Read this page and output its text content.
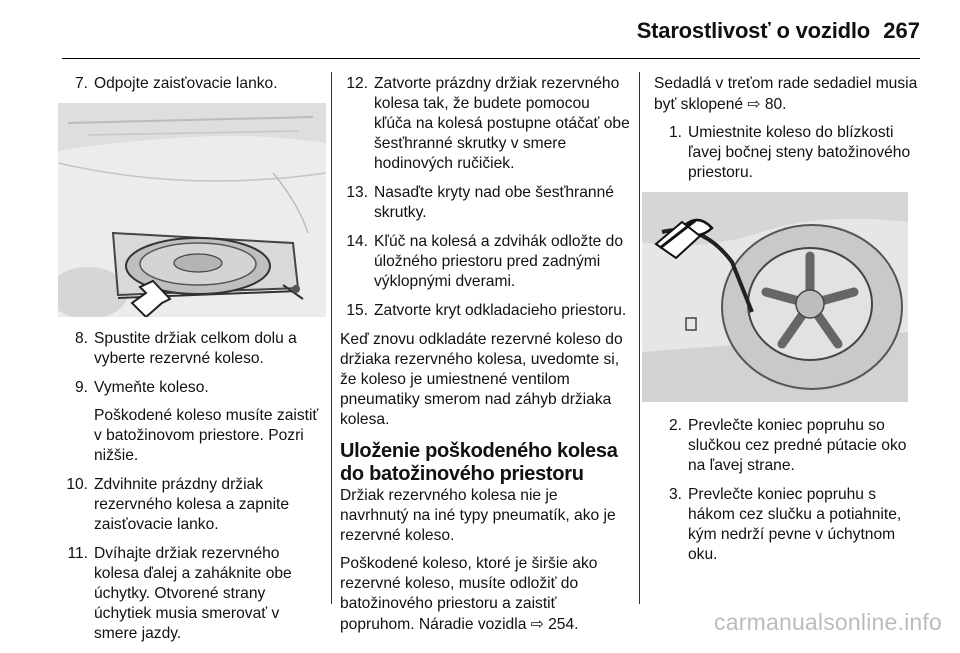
Starostlivosť o vozidlo 267
7. Odpojte zaisťovacie lanko.
8. Spustite držiak celkom dolu a vyberte rezervné koleso.
9. Vymeňte koleso.
Poškodené koleso musíte zaistiť v batožinovom priestore. Pozri nižšie.
10. Zdvihnite prázdny držiak rezervného kolesa a zapnite zaisťovacie lanko.
11. Dvíhajte držiak rezervného kolesa ďalej a zaháknite obe úchytky. Otvorené strany úchytiek musia smerovať v smere jazdy.
12. Zatvorte prázdny držiak rezervného kolesa tak, že budete pomocou kľúča na kolesá postupne otáčať obe šesťhranné skrutky v smere hodinových ručičiek.
13. Nasaďte kryty nad obe šesťhranné skrutky.
14. Kľúč na kolesá a zdvihák odložte do úložného priestoru pred zadnými výklopnými dverami.
15. Zatvorte kryt odkladacieho priestoru.

Keď znovu odkladáte rezervné koleso do držiaka rezervného kolesa, uvedomte si, že koleso je umiestnené ventilom pneumatiky smerom nad záhyb držiaka kolesa.

Uloženie poškodeného kolesa do batožinového priestoru

Držiak rezervného kolesa nie je navrhnutý na iné typy pneumatík, ako je rezervné koleso.

Poškodené koleso, ktoré je širšie ako rezervné koleso, musíte odložiť do batožinového priestoru a zaistiť popruhom. Náradie vozidla ⇨ 254.

Sedadlá v treťom rade sedadiel musia byť sklopené ⇨ 80.

1. Umiestnite koleso do blízkosti ľavej bočnej steny batožinového priestoru.
2. Prevlečte koniec popruhu so slučkou cez predné pútacie oko na ľavej strane.
3. Prevlečte koniec popruhu s hákom cez slučku a potiahnite, kým nedrží pevne v úchytnom oku.
carmanualsonline.info
